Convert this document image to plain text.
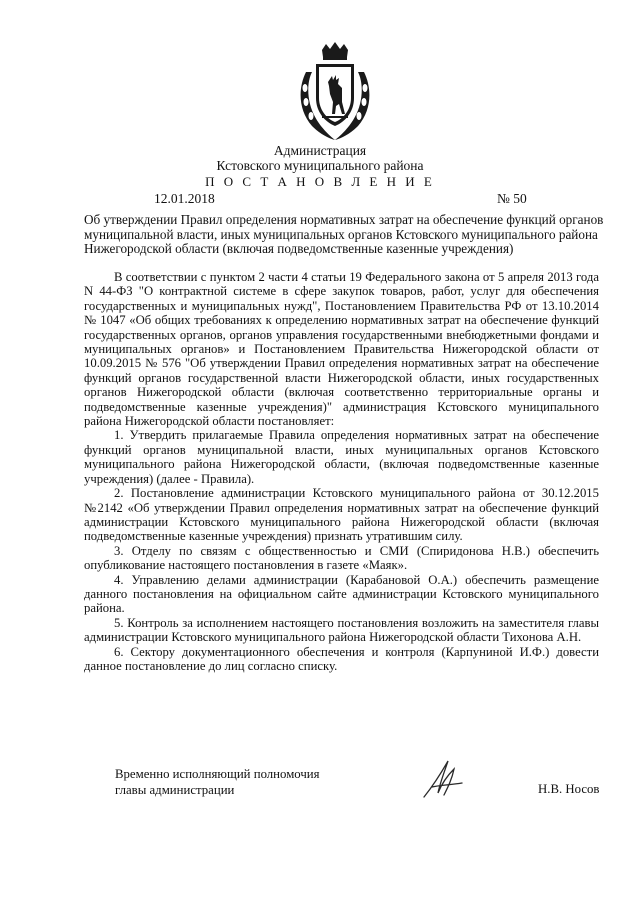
Администрация
Кстовского муниципального района
П О С Т А Н О В Л Е Н И Е
12.01.2018	№ 50
Об утверждении Правил определения нормативных затрат на обеспечение функций органов муниципальной власти, иных муниципальных органов Кстовского муниципального района Нижегородской области (включая подведомственные казенные учреждения)

В соответствии с пунктом 2 части 4 статьи 19 Федерального закона от 5 апреля 2013 года N 44-ФЗ "О контрактной системе в сфере закупок товаров, работ, услуг для обеспечения государственных и муниципальных нужд", Постановлением Правительства РФ от 13.10.2014 № 1047 «Об общих требованиях к определению нормативных затрат на обеспечение функций государственных органов, органов управления государственными внебюджетными фондами и муниципальных органов» и Постановлением Правительства Нижегородской области от 10.09.2015 № 576 "Об утверждении Правил определения нормативных затрат на обеспечение функций органов государственной власти Нижегородской области, иных государственных органов Нижегородской области (включая соответственно территориальные органы и подведомственные казенные учреждения)" администрация Кстовского муниципального района Нижегородской области постановляет:

1. Утвердить прилагаемые Правила определения нормативных затрат на обеспечение функций органов муниципальной власти, иных муниципальных органов Кстовского муниципального района Нижегородской области, (включая подведомственные казенные учреждения) (далее - Правила).

2. Постановление администрации Кстовского муниципального района от 30.12.2015 №2142 «Об утверждении Правил определения нормативных затрат на обеспечение функций администрации Кстовского муниципального района Нижегородской области (включая подведомственные казенные учреждения) признать утратившим силу.

3. Отделу по связям с общественностью и СМИ (Спиридонова Н.В.) обеспечить опубликование настоящего постановления в газете «Маяк».

4. Управлению делами администрации (Карабановой О.А.) обеспечить размещение данного постановления на официальном сайте администрации Кстовского муниципального района.

5. Контроль за исполнением настоящего постановления возложить на заместителя главы администрации Кстовского муниципального района Нижегородской области Тихонова А.Н.

6. Сектору документационного обеспечения и контроля (Карпуниной И.Ф.) довести данное постановление до лиц согласно списку.

Временно исполняющий полномочия
главы администрации	Н.В. Носов
